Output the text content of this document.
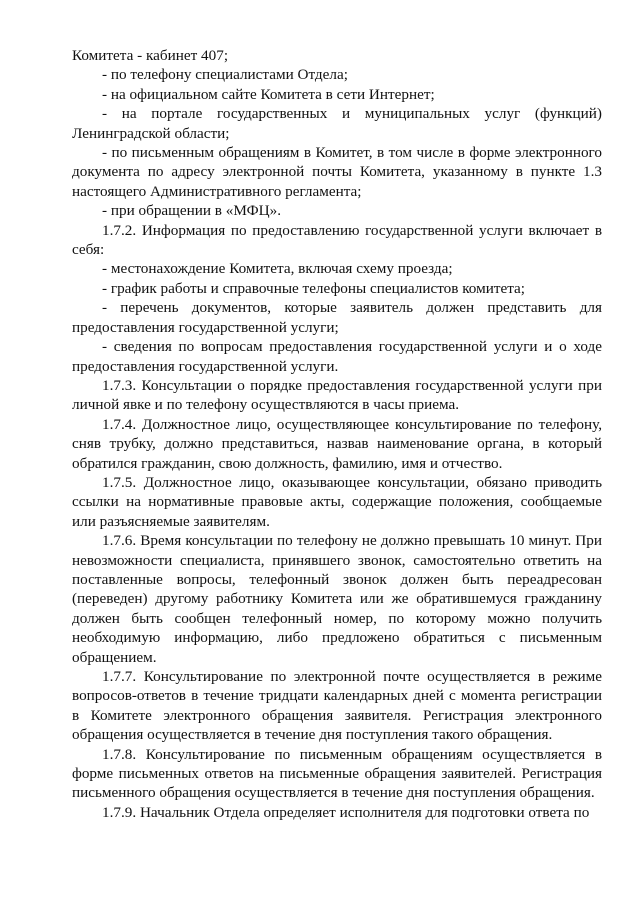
Комитета - кабинет 407;

- по телефону специалистами Отдела;

- на официальном сайте Комитета в сети Интернет;

- на портале государственных и муниципальных услуг (функций) Ленинградской области;

- по письменным обращениям в Комитет, в том числе в форме электронного документа по адресу электронной почты Комитета, указанному в пункте 1.3 настоящего Административного регламента;

- при обращении в «МФЦ».

1.7.2. Информация по предоставлению государственной услуги включает в себя:

- местонахождение Комитета, включая схему проезда;

- график работы и справочные телефоны специалистов комитета;

- перечень документов, которые заявитель должен представить для предоставления государственной услуги;

- сведения по вопросам предоставления государственной услуги и о ходе предоставления государственной услуги.

1.7.3. Консультации о порядке предоставления государственной услуги при личной явке и по телефону осуществляются в часы приема.

1.7.4. Должностное лицо, осуществляющее консультирование по телефону, сняв трубку, должно представиться, назвав наименование органа, в который обратился гражданин, свою должность, фамилию, имя и отчество.

1.7.5. Должностное лицо, оказывающее консультации, обязано приводить ссылки на нормативные правовые акты, содержащие положения, сообщаемые или разъясняемые заявителям.

1.7.6. Время консультации по телефону не должно превышать 10 минут. При невозможности специалиста, принявшего звонок, самостоятельно ответить на поставленные вопросы, телефонный звонок должен быть переадресован (переведен) другому работнику Комитета или же обратившемуся гражданину должен быть сообщен телефонный номер, по которому можно получить необходимую информацию, либо предложено обратиться с письменным обращением.

1.7.7. Консультирование по электронной почте осуществляется в режиме вопросов-ответов в течение тридцати календарных дней с момента регистрации в Комитете электронного обращения заявителя. Регистрация электронного обращения осуществляется в течение дня поступления такого обращения.

1.7.8. Консультирование по письменным обращениям осуществляется в форме письменных ответов на письменные обращения заявителей. Регистрация письменного обращения осуществляется в течение дня поступления обращения.

1.7.9. Начальник Отдела определяет исполнителя для подготовки ответа по
